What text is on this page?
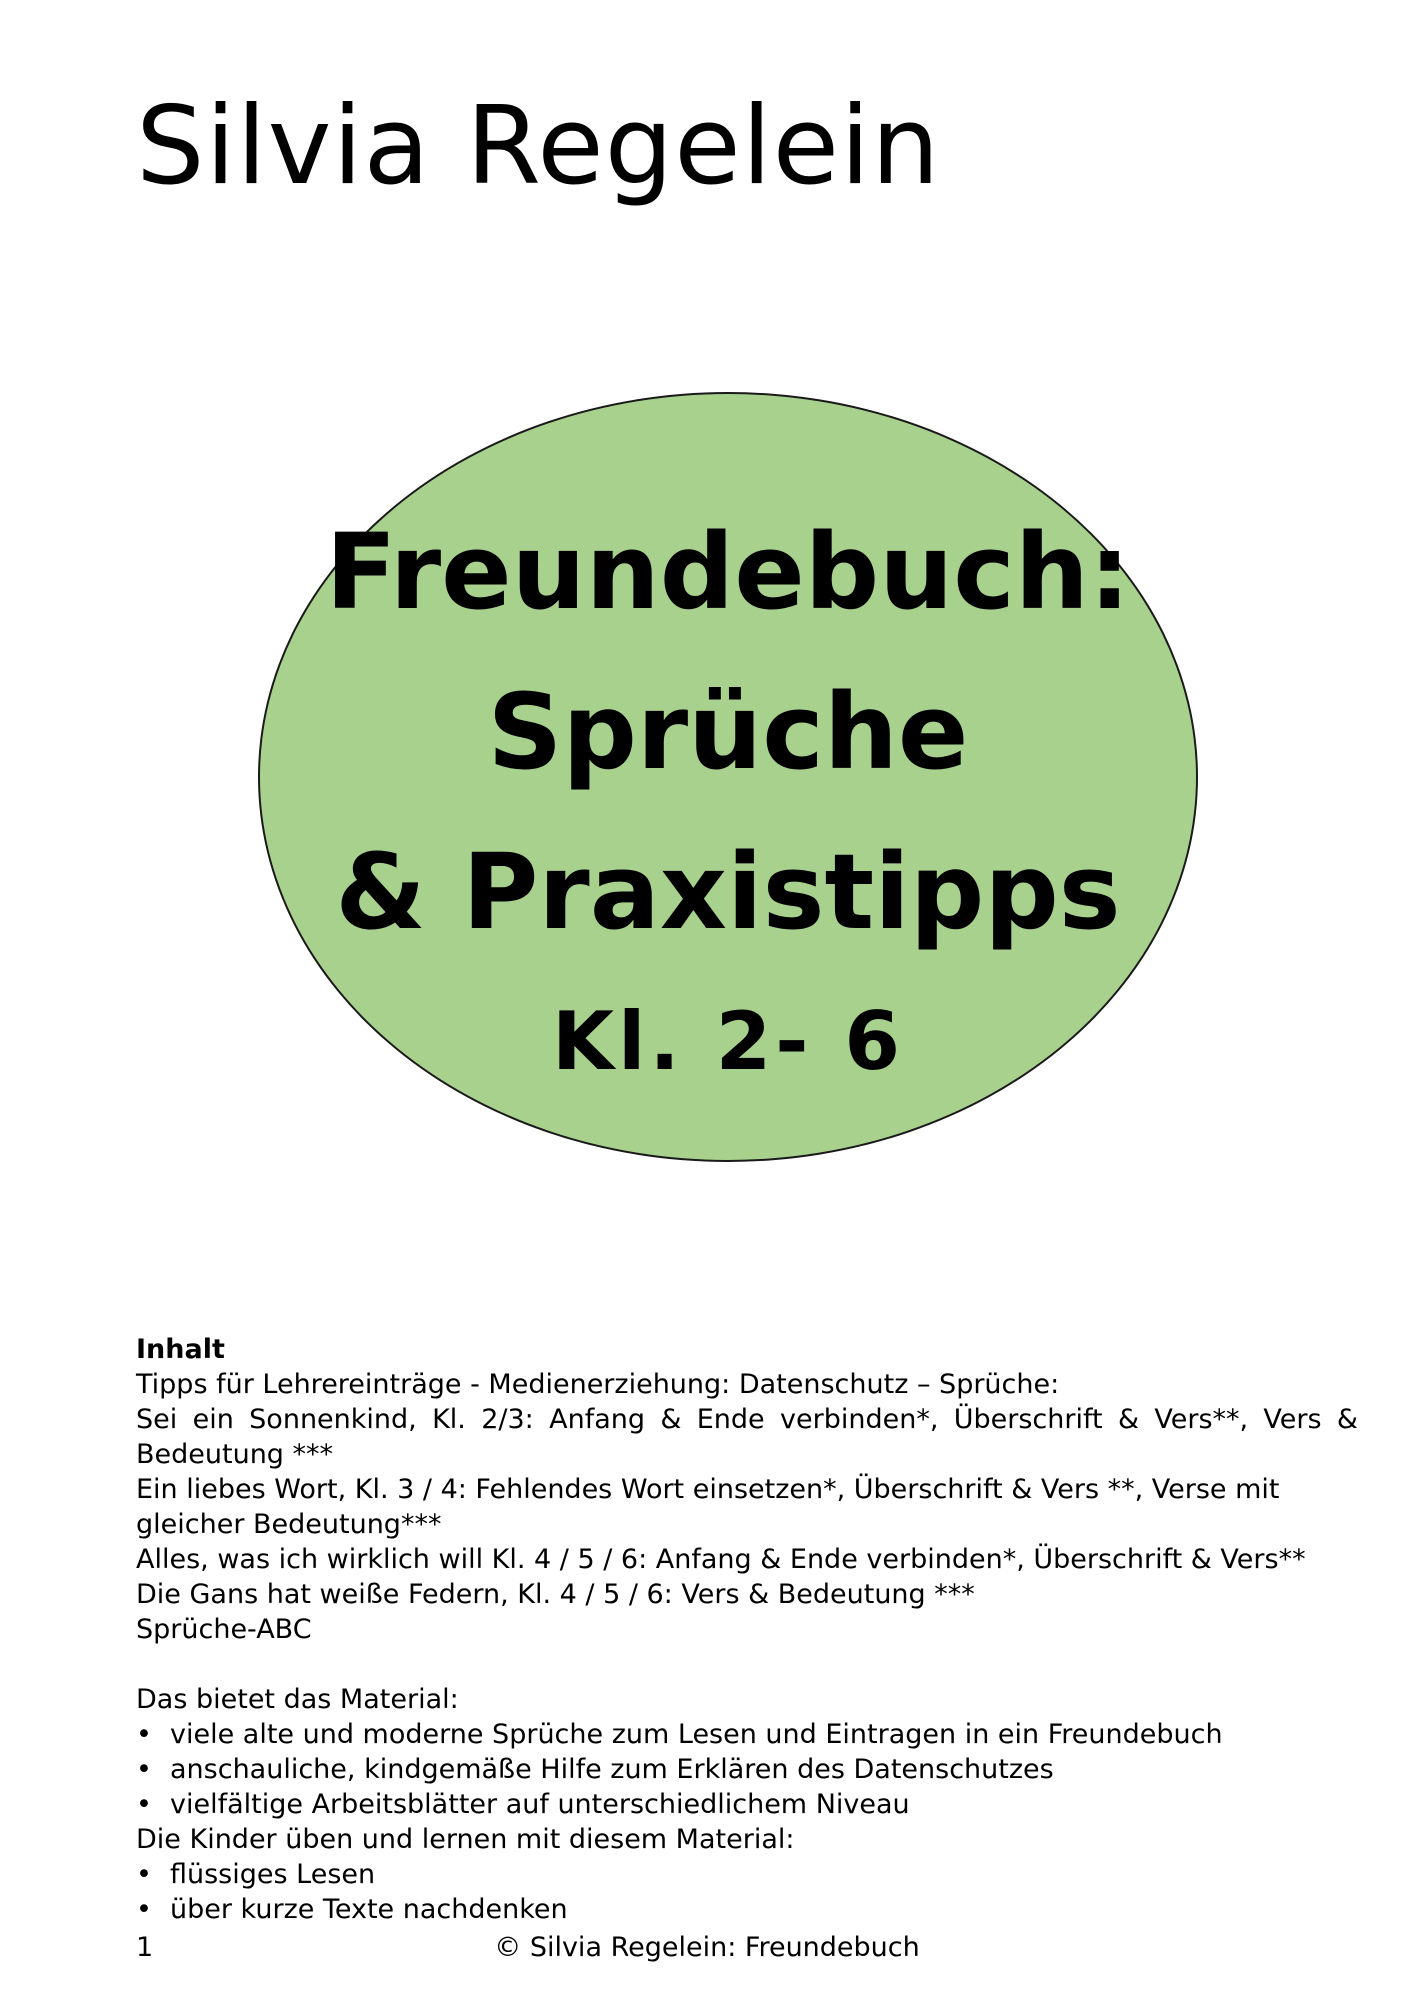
Silvia Regelein

Freundebuch:

Sprüche

& Praxistipps

Kl. 2- 6

Inhalt

Tipps für Lehrereinträge - Medienerziehung: Datenschutz – Sprüche:

Sei ein Sonnenkind, Kl. 2/3: Anfang & Ende verbinden*, Überschrift & Vers**, Vers & Bedeutung ***

Ein liebes Wort, Kl. 3 / 4: Fehlendes Wort einsetzen*, Überschrift & Vers **, Verse mit gleicher Bedeutung***

Alles, was ich wirklich will Kl. 4 / 5 / 6: Anfang & Ende verbinden*, Überschrift & Vers**

Die Gans hat weiße Federn, Kl. 4 / 5 / 6: Vers & Bedeutung ***

Sprüche-ABC

Das bietet das Material:

• viele alte und moderne Sprüche zum Lesen und Eintragen in ein Freundebuch
• anschauliche, kindgemäße Hilfe zum Erklären des Datenschutzes
• vielfältige Arbeitsblätter auf unterschiedlichem Niveau

Die Kinder üben und lernen mit diesem Material:

• flüssiges Lesen
• über kurze Texte nachdenken
1	© Silvia Regelein: Freundebuch
